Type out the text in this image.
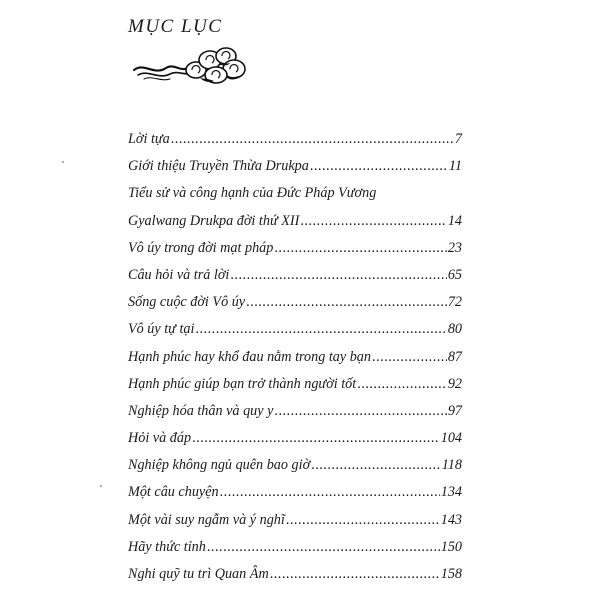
MỤC LỤC
Lời tựa .....	7
Giới thiệu Truyền Thừa Drukpa .....	11
Tiểu sử và công hạnh của Đức Pháp Vương
Gyalwang Drukpa đời thứ XII .....	14
Vô úy trong đời mạt pháp .....	23
Câu hỏi và trả lời .....	65
Sống cuộc đời Vô úy .....	72
Vô úy tự tại .....	80
Hạnh phúc hay khổ đau nằm trong tay bạn .....	87
Hạnh phúc giúp bạn trở thành người tốt .....	92
Nghiệp hóa thân và quy y .....	97
Hỏi và đáp .....	104
Nghiệp không ngủ quên bao giờ .....	118
Một câu chuyện .....	134
Một vài suy ngẫm và ý nghĩ .....	143
Hãy thức tỉnh .....	150
Nghi quỹ tu trì Quan Âm .....	158
